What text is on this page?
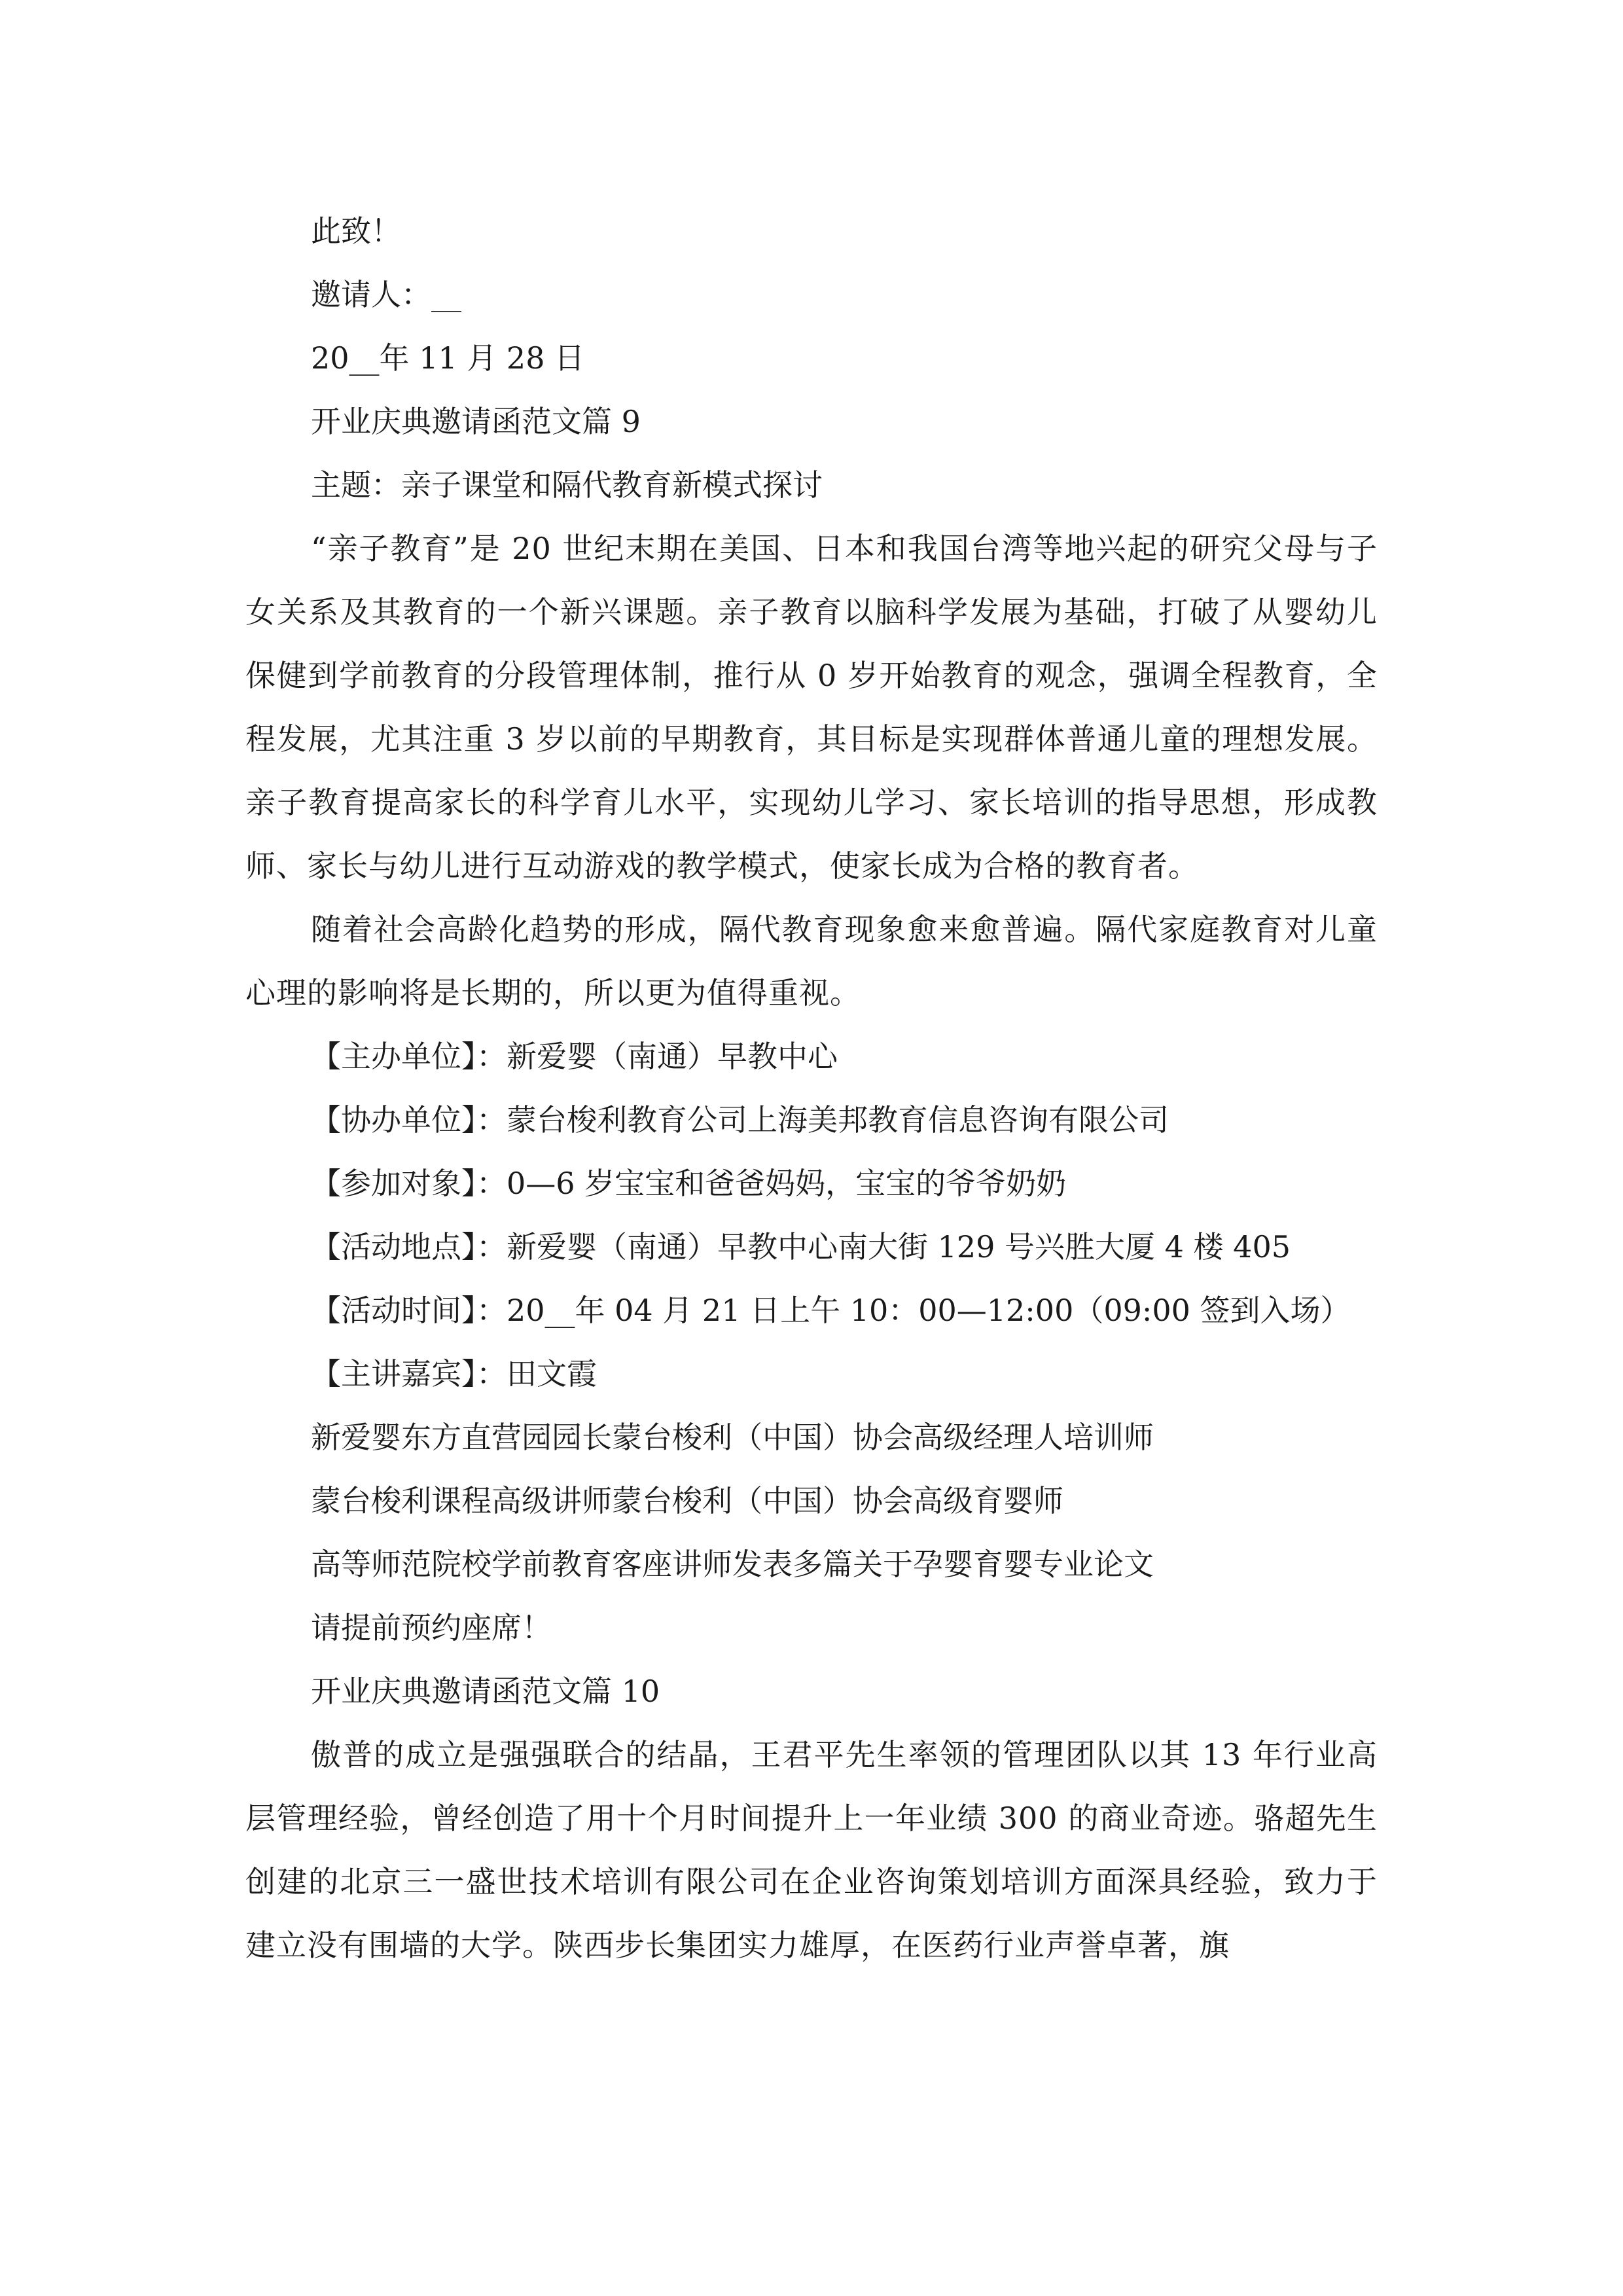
此致！
邀请人：__
20__年 11 月 28 日
开业庆典邀请函范文篇 9
主题：亲子课堂和隔代教育新模式探讨

“亲子教育”是 20 世纪末期在美国、日本和我国台湾等地兴起的研究父母与子女关系及其教育的一个新兴课题。亲子教育以脑科学发展为基础，打破了从婴幼儿保健到学前教育的分段管理体制，推行从 0 岁开始教育的观念，强调全程教育，全程发展，尤其注重 3 岁以前的早期教育，其目标是实现群体普通儿童的理想发展。亲子教育提高家长的科学育儿水平，实现幼儿学习、家长培训的指导思想，形成教师、家长与幼儿进行互动游戏的教学模式，使家长成为合格的教育者。

随着社会高龄化趋势的形成，隔代教育现象愈来愈普遍。隔代家庭教育对儿童心理的影响将是长期的，所以更为值得重视。

【主办单位】：新爱婴（南通）早教中心
【协办单位】：蒙台梭利教育公司上海美邦教育信息咨询有限公司
【参加对象】：0—6 岁宝宝和爸爸妈妈，宝宝的爷爷奶奶
【活动地点】：新爱婴（南通）早教中心南大街 129 号兴胜大厦 4 楼 405
【活动时间】：20__年 04 月 21 日上午 10：00—12:00（09:00 签到入场）
【主讲嘉宾】：田文霞
新爱婴东方直营园园长蒙台梭利（中国）协会高级经理人培训师
蒙台梭利课程高级讲师蒙台梭利（中国）协会高级育婴师
高等师范院校学前教育客座讲师发表多篇关于孕婴育婴专业论文
请提前预约座席！
开业庆典邀请函范文篇 10

傲普的成立是强强联合的结晶，王君平先生率领的管理团队以其 13 年行业高层管理经验，曾经创造了用十个月时间提升上一年业绩 300 的商业奇迹。骆超先生创建的北京三一盛世技术培训有限公司在企业咨询策划培训方面深具经验，致力于建立没有围墙的大学。陕西步长集团实力雄厚，在医药行业声誉卓著，旗
